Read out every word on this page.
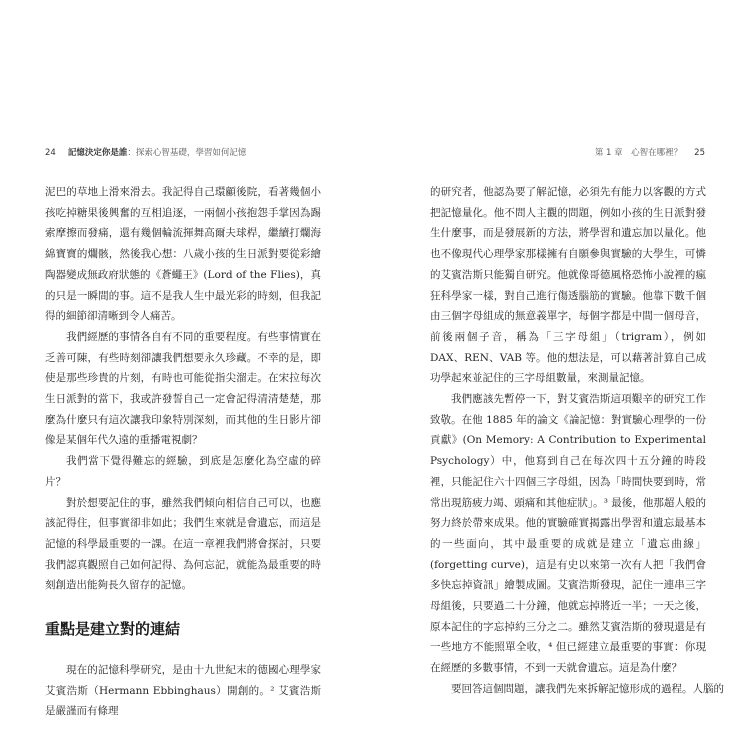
24 記憶決定你是誰：探索心智基礎，學習如何記憶	第 1 章　心智在哪裡？ 25

泥巴的草地上滑來滑去。我記得自己環顧後院，看著幾個小孩吃掉糖果後興奮的互相追逐，一兩個小孩抱怨手掌因為踢索摩擦而發痛，還有幾個輪流揮舞高爾夫球桿，繼續打爛海綿寶寶的爛骸，然後我心想：八歲小孩的生日派對要從彩繪陶器變成無政府狀態的《蒼蠅王》(Lord of the Flies)，真的只是一瞬間的事。這不是我人生中最光彩的時刻，但我記得的細節卻清晰到令人痛苦。

我們經歷的事情各自有不同的重要程度。有些事情實在乏善可陳，有些時刻卻讓我們想要永久珍藏。不幸的是，即使是那些珍貴的片刻，有時也可能從指尖溜走。在宋拉每次生日派對的當下，我或許發誓自己一定會記得清清楚楚，那麼為什麼只有這次讓我印象特別深刻，而其他的生日影片卻像是某個年代久遠的重播電視劇？

我們當下覺得難忘的經驗，到底是怎麼化為空虛的碎片？

對於想要記住的事，雖然我們傾向相信自己可以，也應該記得住，但事實卻非如此；我們生來就是會遺忘，而這是記憶的科學最重要的一課。在這一章裡我們將會探討，只要我們認真觀照自己如何記得、為何忘記，就能為最重要的時刻創造出能夠長久留存的記憶。

重點是建立對的連結

現在的記憶科學研究，是由十九世紀末的德國心理學家艾賓浩斯（Hermann Ebbinghaus）開創的。² 艾賓浩斯是嚴謹而有條理

的研究者，他認為要了解記憶，必須先有能力以客觀的方式把記憶量化。他不問人主觀的問題，例如小孩的生日派對發生什麼事，而是發展新的方法，將學習和遺忘加以量化。他也不像現代心理學家那樣擁有自願參與實驗的大學生，可憐的艾賓浩斯只能獨自研究。他就像哥德風格恐怖小說裡的瘋狂科學家一樣，對自己進行傷透腦筋的實驗。他靠下數千個由三個字母組成的無意義單字，每個字都是中間一個母音，前後兩個子音，稱為「三字母組」（trigram），例如 DAX、REN、VAB 等。他的想法是，可以藉著計算自己成功學起來並記住的三字母組數量，來測量記憶。

我們應該先暫停一下，對艾賓浩斯這項艱辛的研究工作致敬。在他 1885 年的論文《論記憶：對實驗心理學的一份貢獻》(On Memory: A Contribution to Experimental Psychology）中，他寫到自己在每次四十五分鐘的時段裡，只能記住六十四個三字母組，因為「時間快要到時，常常出現筋疲力竭、頭痛和其他症狀」。³ 最後，他那超人般的努力終於帶來成果。他的實驗確實揭露出學習和遺忘最基本的一些面向，其中最重要的成就是建立「遺忘曲線」(forgetting curve)，這是有史以來第一次有人把「我們會多快忘掉資訊」繪製成圖。艾賓浩斯發現，記住一連串三字母組後，只要過二十分鐘，他就忘掉將近一半；一天之後，原本記住的字忘掉約三分之二。雖然艾賓浩斯的發現還是有一些地方不能照單全收，⁴ 但已經建立最重要的事實：你現在經歷的多數事情，不到一天就會遺忘。這是為什麼？

要回答這個問題，讓我們先來拆解記憶形成的過程。人腦的
